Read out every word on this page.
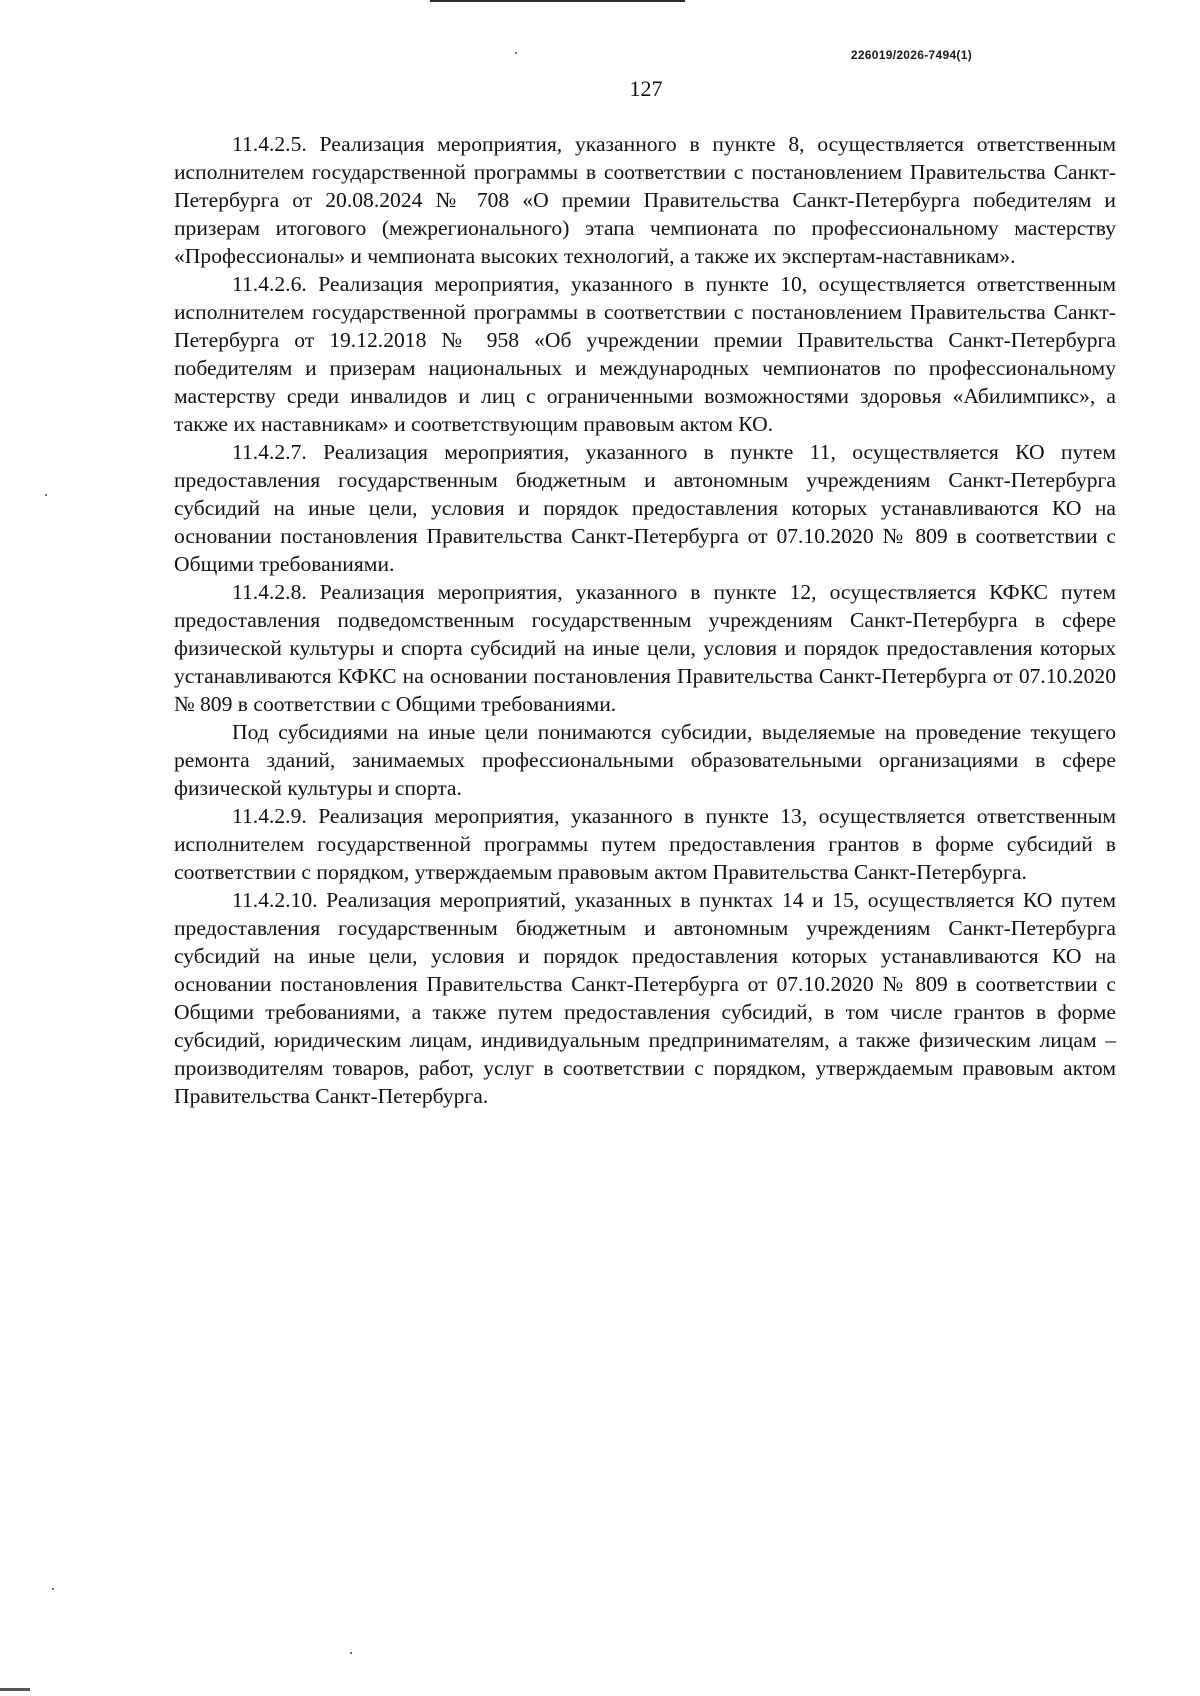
226019/2026-7494(1)
127

11.4.2.5. Реализация мероприятия, указанного в пункте 8, осуществляется ответственным исполнителем государственной программы в соответствии с постановлением Правительства Санкт-Петербурга от 20.08.2024 № 708 «О премии Правительства Санкт-Петербурга победителям и призерам итогового (межрегионального) этапа чемпионата по профессиональному мастерству «Профессионалы» и чемпионата высоких технологий, а также их экспертам-наставникам».

11.4.2.6. Реализация мероприятия, указанного в пункте 10, осуществляется ответственным исполнителем государственной программы в соответствии с постановлением Правительства Санкт-Петербурга от 19.12.2018 № 958 «Об учреждении премии Правительства Санкт-Петербурга победителям и призерам национальных и международных чемпионатов по профессиональному мастерству среди инвалидов и лиц с ограниченными возможностями здоровья «Абилимпикс», а также их наставникам» и соответствующим правовым актом КО.

11.4.2.7. Реализация мероприятия, указанного в пункте 11, осуществляется КО путем предоставления государственным бюджетным и автономным учреждениям Санкт-Петербурга субсидий на иные цели, условия и порядок предоставления которых устанавливаются КО на основании постановления Правительства Санкт-Петербурга от 07.10.2020 № 809 в соответствии с Общими требованиями.

11.4.2.8. Реализация мероприятия, указанного в пункте 12, осуществляется КФКС путем предоставления подведомственным государственным учреждениям Санкт-Петербурга в сфере физической культуры и спорта субсидий на иные цели, условия и порядок предоставления которых устанавливаются КФКС на основании постановления Правительства Санкт-Петербурга от 07.10.2020 № 809 в соответствии с Общими требованиями.

Под субсидиями на иные цели понимаются субсидии, выделяемые на проведение текущего ремонта зданий, занимаемых профессиональными образовательными организациями в сфере физической культуры и спорта.

11.4.2.9. Реализация мероприятия, указанного в пункте 13, осуществляется ответственным исполнителем государственной программы путем предоставления грантов в форме субсидий в соответствии с порядком, утверждаемым правовым актом Правительства Санкт-Петербурга.

11.4.2.10. Реализация мероприятий, указанных в пунктах 14 и 15, осуществляется КО путем предоставления государственным бюджетным и автономным учреждениям Санкт-Петербурга субсидий на иные цели, условия и порядок предоставления которых устанавливаются КО на основании постановления Правительства Санкт-Петербурга от 07.10.2020 № 809 в соответствии с Общими требованиями, а также путем предоставления субсидий, в том числе грантов в форме субсидий, юридическим лицам, индивидуальным предпринимателям, а также физическим лицам – производителям товаров, работ, услуг в соответствии с порядком, утверждаемым правовым актом Правительства Санкт-Петербурга.
